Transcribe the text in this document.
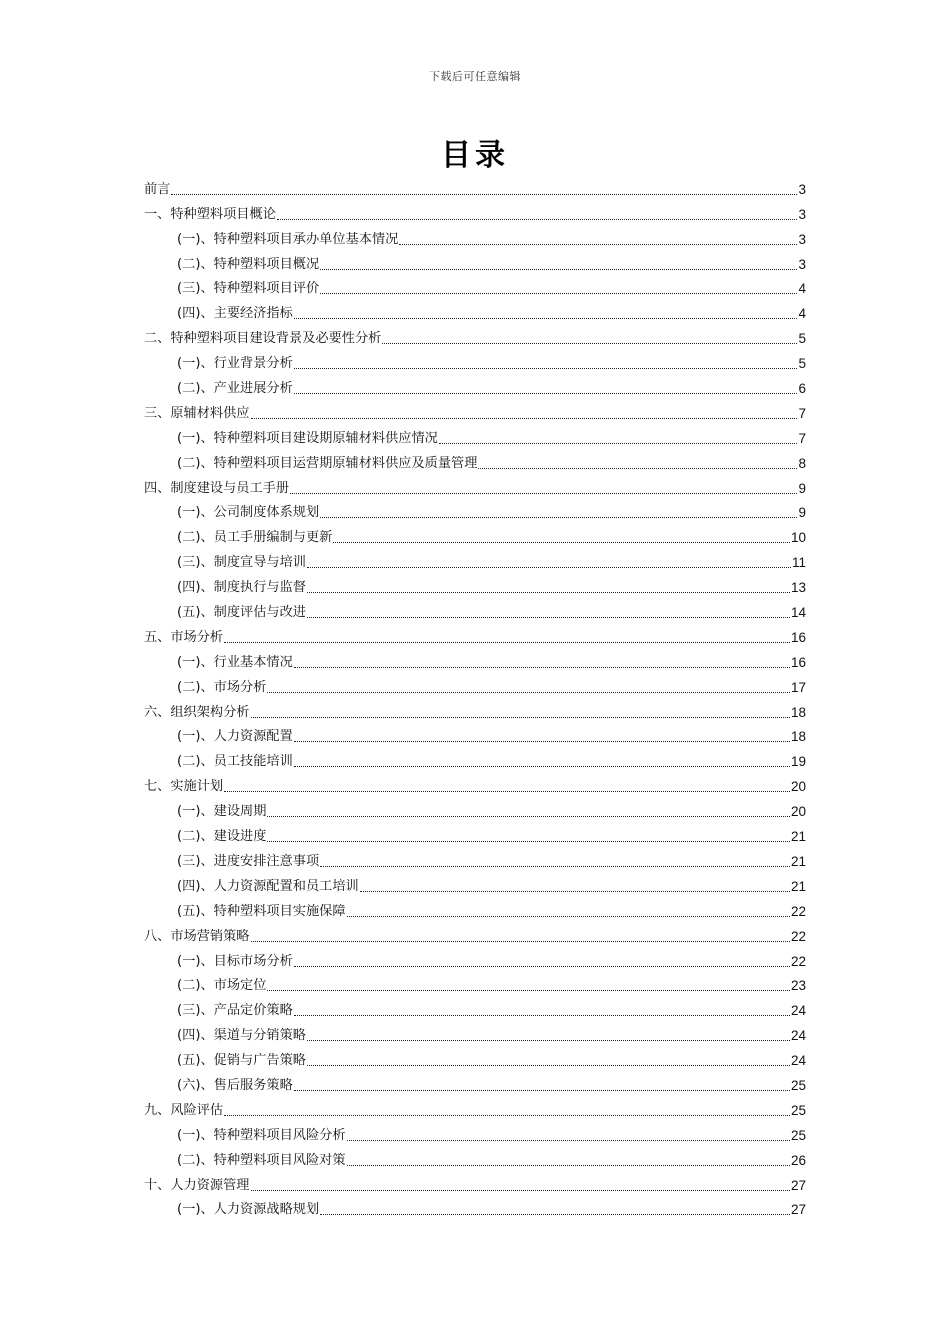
下载后可任意编辑
目录
前言	3
一、特种塑料项目概论	3
(一)、特种塑料项目承办单位基本情况	3
(二)、特种塑料项目概况	3
(三)、特种塑料项目评价	4
(四)、主要经济指标	4
二、特种塑料项目建设背景及必要性分析	5
(一)、行业背景分析	5
(二)、产业进展分析	6
三、原辅材料供应	7
(一)、特种塑料项目建设期原辅材料供应情况	7
(二)、特种塑料项目运营期原辅材料供应及质量管理	8
四、制度建设与员工手册	9
(一)、公司制度体系规划	9
(二)、员工手册编制与更新	10
(三)、制度宣导与培训	11
(四)、制度执行与监督	13
(五)、制度评估与改进	14
五、市场分析	16
(一)、行业基本情况	16
(二)、市场分析	17
六、组织架构分析	18
(一)、人力资源配置	18
(二)、员工技能培训	19
七、实施计划	20
(一)、建设周期	20
(二)、建设进度	21
(三)、进度安排注意事项	21
(四)、人力资源配置和员工培训	21
(五)、特种塑料项目实施保障	22
八、市场营销策略	22
(一)、目标市场分析	22
(二)、市场定位	23
(三)、产品定价策略	24
(四)、渠道与分销策略	24
(五)、促销与广告策略	24
(六)、售后服务策略	25
九、风险评估	25
(一)、特种塑料项目风险分析	25
(二)、特种塑料项目风险对策	26
十、人力资源管理	27
(一)、人力资源战略规划	27
